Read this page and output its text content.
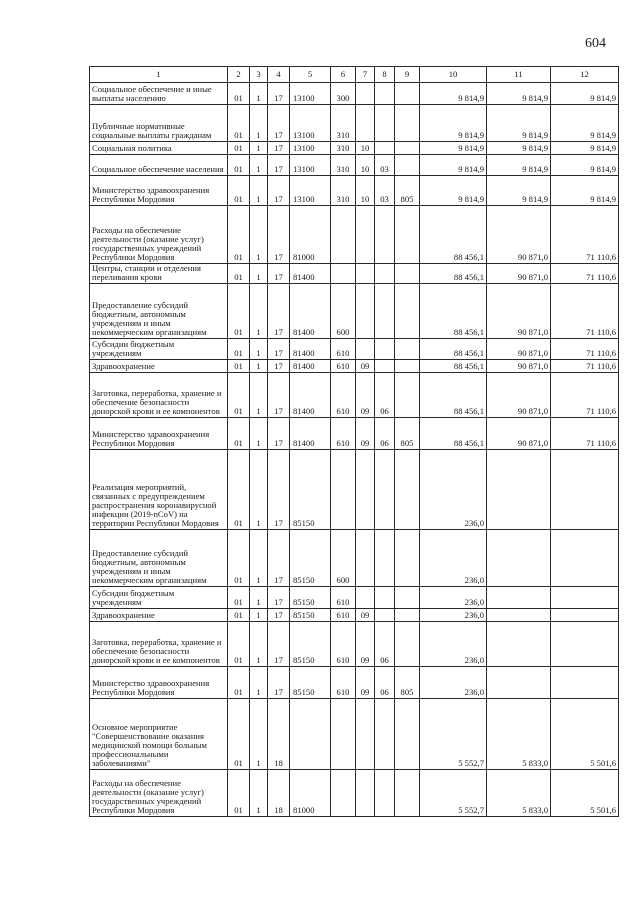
604
1	2	3	4	5	6	7	8	9	10	11	12
Социальное обеспечение и иные выплаты населению	01	1	17	13100	300				9 814,9	9 814,9	9 814,9
Публичные нормативные социальные выплаты гражданам	01	1	17	13100	310				9 814,9	9 814,9	9 814,9
Социальная политика	01	1	17	13100	310	10			9 814,9	9 814,9	9 814,9
Социальное обеспечение населения	01	1	17	13100	310	10	03		9 814,9	9 814,9	9 814,9
Министерство здравоохранения Республики Мордовия	01	1	17	13100	310	10	03	805	9 814,9	9 814,9	9 814,9
Расходы на обеспечение деятельности (оказание услуг) государственных учреждений Республики Мордовия	01	1	17	81000					88 456,1	90 871,0	71 110,6
Центры, станции и отделения переливания крови	01	1	17	81400					88 456,1	90 871,0	71 110,6
Предоставление субсидий бюджетным, автономным учреждениям и иным некоммерческим организациям	01	1	17	81400	600				88 456,1	90 871,0	71 110,6
Субсидии бюджетным учреждениям	01	1	17	81400	610				88 456,1	90 871,0	71 110,6
Здравоохранение	01	1	17	81400	610	09			88 456,1	90 871,0	71 110,6
Заготовка, переработка, хранение и обеспечение безопасности донорской крови и ее компонентов	01	1	17	81400	610	09	06		88 456,1	90 871,0	71 110,6
Министерство здравоохранения Республики Мордовия	01	1	17	81400	610	09	06	805	88 456,1	90 871,0	71 110,6
Реализация мероприятий, связанных с предупреждением распространения коронавирусной инфекции (2019-nCoV) на территории Республики Мордовия	01	1	17	85150					236,0		
Предоставление субсидий бюджетным, автономным учреждениям и иным некоммерческим организациям	01	1	17	85150	600				236,0		
Субсидии бюджетным учреждениям	01	1	17	85150	610				236,0		
Здравоохранение	01	1	17	85150	610	09			236,0		
Заготовка, переработка, хранение и обеспечение безопасности донорской крови и ее компонентов	01	1	17	85150	610	09	06		236,0		
Министерство здравоохранения Республики Мордовия	01	1	17	85150	610	09	06	805	236,0		
Основное мероприятие "Совершенствование оказания медицинской помощи больным профессиональными заболеваниями"	01	1	18						5 552,7	5 833,0	5 501,6
Расходы на обеспечение деятельности (оказание услуг) государственных учреждений Республики Мордовия	01	1	18	81000					5 552,7	5 833,0	5 501,6
